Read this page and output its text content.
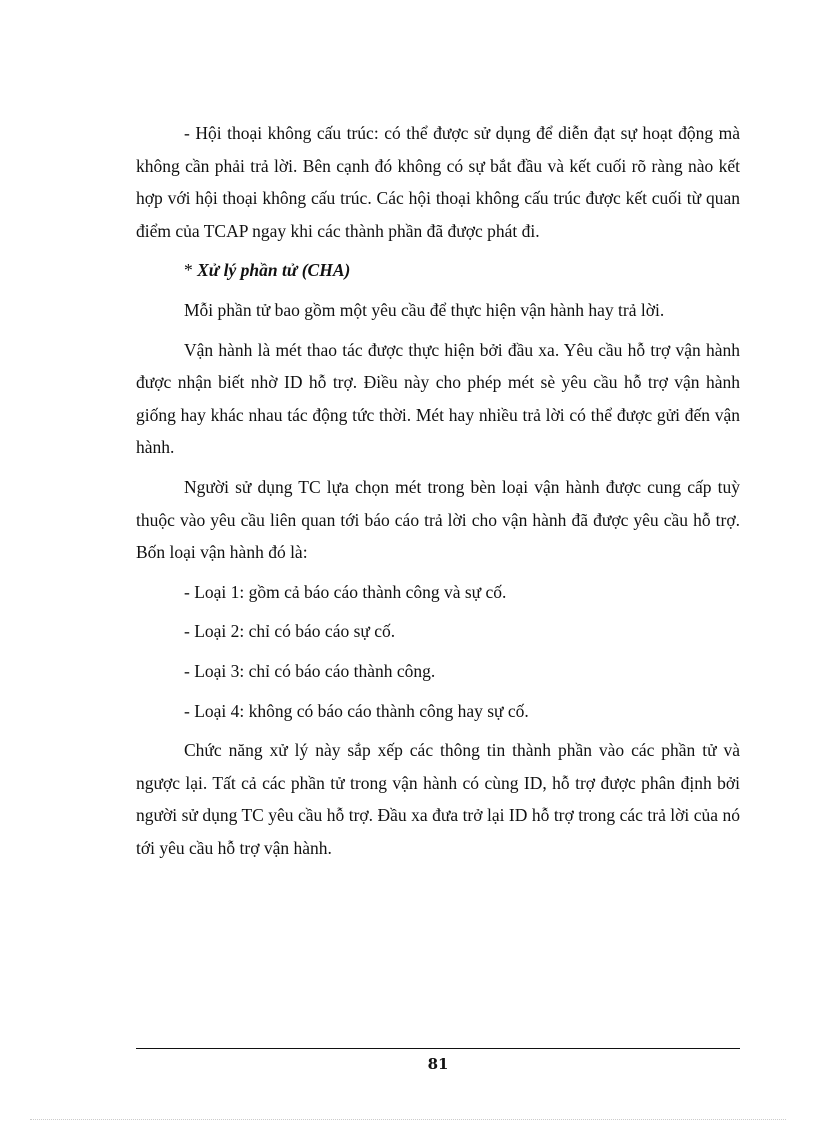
- Hội thoại không cấu trúc: có thể được sử dụng để diễn đạt sự hoạt động mà không cần phải trả lời. Bên cạnh đó không có sự bắt đầu và kết cuối rõ ràng nào kết hợp với hội thoại không cấu trúc. Các hội thoại không cấu trúc được kết cuối từ quan điểm của TCAP ngay khi các thành phần đã được phát đi.

* Xử lý phần tử (CHA)

Mỗi phần tử bao gồm một yêu cầu để thực hiện vận hành hay trả lời.

Vận hành là mét thao tác được thực hiện bởi đầu xa. Yêu cầu hỗ trợ vận hành được nhận biết nhờ ID hỗ trợ. Điều này cho phép mét sè yêu cầu hỗ trợ vận hành giống hay khác nhau tác động tức thời. Mét hay nhiều trả lời có thể được gửi đến vận hành.

Người sử dụng TC lựa chọn mét trong bèn loại vận hành được cung cấp tuỳ thuộc vào yêu cầu liên quan tới báo cáo trả lời cho vận hành đã được yêu cầu hỗ trợ. Bốn loại vận hành đó là:

- Loại 1: gồm cả báo cáo thành công và sự cố.

- Loại 2: chỉ có báo cáo sự cố.

- Loại 3: chỉ có báo cáo thành công.

- Loại 4: không có báo cáo thành công hay sự cố.

Chức năng xử lý này sắp xếp các thông tin thành phần vào các phần tử và ngược lại. Tất cả các phần tử trong vận hành có cùng ID, hỗ trợ được phân định bởi người sử dụng TC yêu cầu hỗ trợ. Đầu xa đưa trở lại ID hỗ trợ trong các trả lời của nó tới yêu cầu hỗ trợ vận hành.

81
